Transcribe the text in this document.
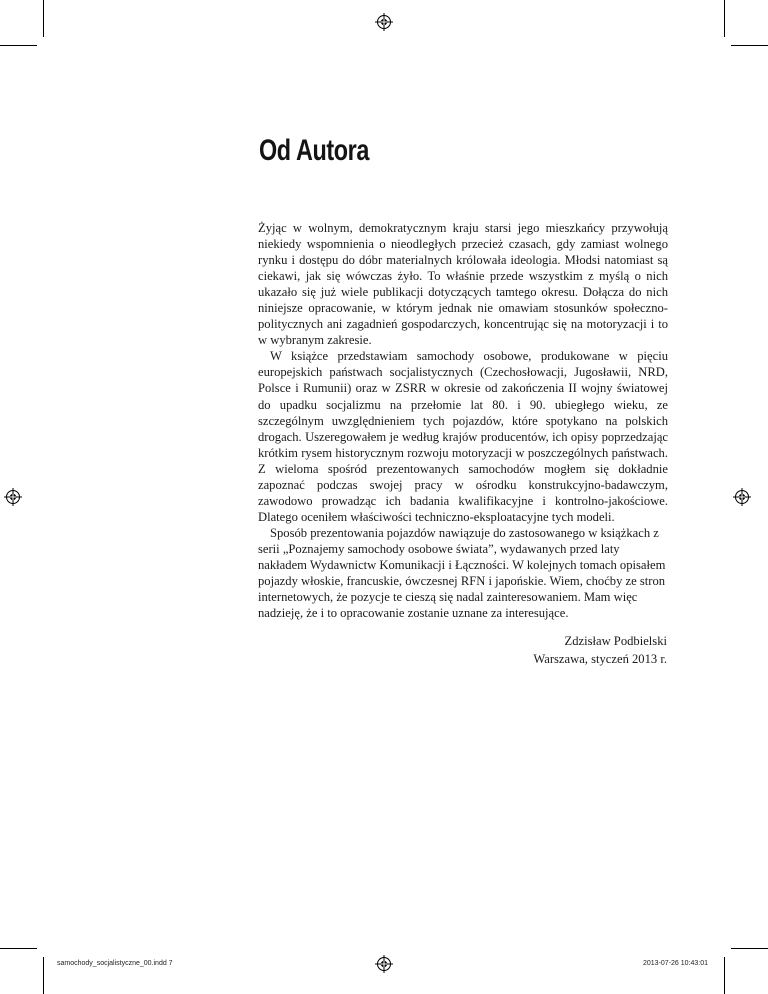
Od Autora

Żyjąc w wolnym, demokratycznym kraju starsi jego mieszkańcy przywołują niekiedy wspomnienia o nieodległych przecież czasach, gdy zamiast wolnego rynku i dostępu do dóbr materialnych królowała ideologia. Młodsi natomiast są ciekawi, jak się wówczas żyło. To właśnie przede wszystkim z myślą o nich ukazało się już wiele publikacji dotyczących tamtego okresu. Dołącza do nich niniejsze opracowanie, w którym jednak nie omawiam stosunków społeczno-politycznych ani zagadnień gospodarczych, koncentrując się na motoryzacji i to w wybranym zakresie.

W książce przedstawiam samochody osobowe, produkowane w pięciu europejskich państwach socjalistycznych (Czechosłowacji, Jugosławii, NRD, Polsce i Rumunii) oraz w ZSRR w okresie od zakończenia II wojny światowej do upadku socjalizmu na przełomie lat 80. i 90. ubiegłego wieku, ze szczególnym uwzględnieniem tych pojazdów, które spotykano na polskich drogach. Uszeregowałem je według krajów producentów, ich opisy poprzedzając krótkim rysem historycznym rozwoju motoryzacji w poszczególnych państwach. Z wieloma spośród prezentowanych samochodów mogłem się dokładnie zapoznać podczas swojej pracy w ośrodku konstrukcyjno-badawczym, zawodowo prowadząc ich badania kwalifikacyjne i kontrolno-jakościowe. Dlatego oceniłem właściwości techniczno-eksploatacyjne tych modeli.

Sposób prezentowania pojazdów nawiązuje do zastosowanego w książkach z serii „Poznajemy samochody osobowe świata”, wydawanych przed laty nakładem Wydawnictw Komunikacji i Łączności. W kolejnych tomach opisałem pojazdy włoskie, francuskie, ówczesnej RFN i japońskie. Wiem, choćby ze stron internetowych, że pozycje te cieszą się nadal zainteresowaniem. Mam więc nadzieję, że i to opracowanie zostanie uznane za interesujące.

Zdzisław Podbielski
Warszawa, styczeń 2013 r.
samochody_socjalistyczne_00.indd 7	2013-07-26 10:43:01
